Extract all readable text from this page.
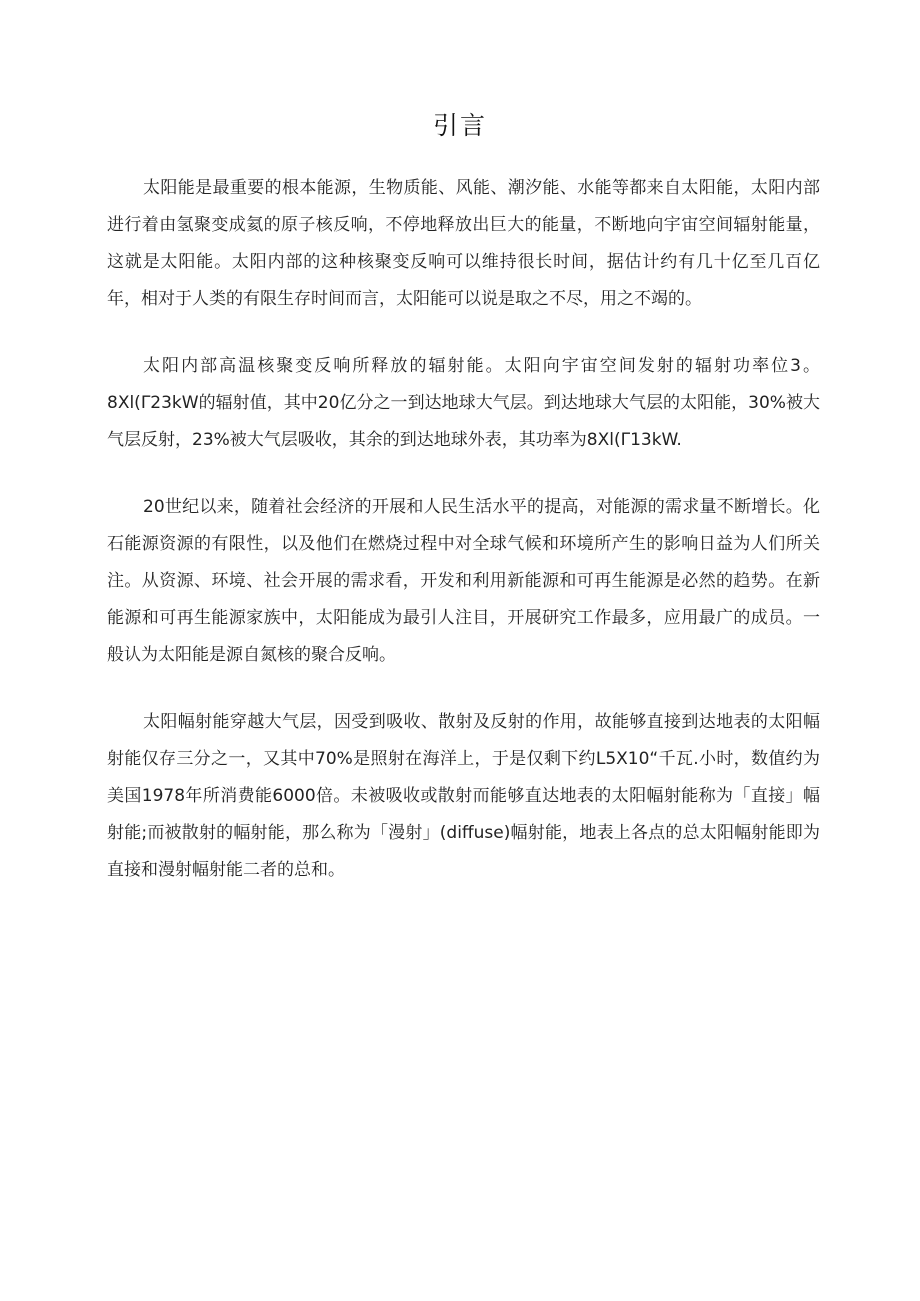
引言

太阳能是最重要的根本能源，生物质能、风能、潮汐能、水能等都来自太阳能，太阳内部进行着由氢聚变成氦的原子核反响，不停地释放出巨大的能量，不断地向宇宙空间辐射能量，这就是太阳能。太阳内部的这种核聚变反响可以维持很长时间，据估计约有几十亿至几百亿年，相对于人类的有限生存时间而言，太阳能可以说是取之不尽，用之不竭的。

太阳内部高温核聚变反响所释放的辐射能。太阳向宇宙空间发射的辐射功率位3。8Xl(Γ23kW的辐射值，其中20亿分之一到达地球大气层。到达地球大气层的太阳能，30%被大气层反射，23%被大气层吸收，其余的到达地球外表，其功率为8Xl(Γ13kW.

20世纪以来，随着社会经济的开展和人民生活水平的提高，对能源的需求量不断增长。化石能源资源的有限性，以及他们在燃烧过程中对全球气候和环境所产生的影响日益为人们所关注。从资源、环境、社会开展的需求看，开发和利用新能源和可再生能源是必然的趋势。在新能源和可再生能源家族中，太阳能成为最引人注目，开展研究工作最多，应用最广的成员。一般认为太阳能是源自氮核的聚合反响。

太阳幅射能穿越大气层，因受到吸收、散射及反射的作用，故能够直接到达地表的太阳幅射能仅存三分之一，又其中70%是照射在海洋上，于是仅剩下约L5X10“千瓦.小时，数值约为美国1978年所消费能6000倍。未被吸收或散射而能够直达地表的太阳幅射能称为「直接」幅射能;而被散射的幅射能，那么称为「漫射」(diffuse)幅射能，地表上各点的总太阳幅射能即为直接和漫射幅射能二者的总和。
